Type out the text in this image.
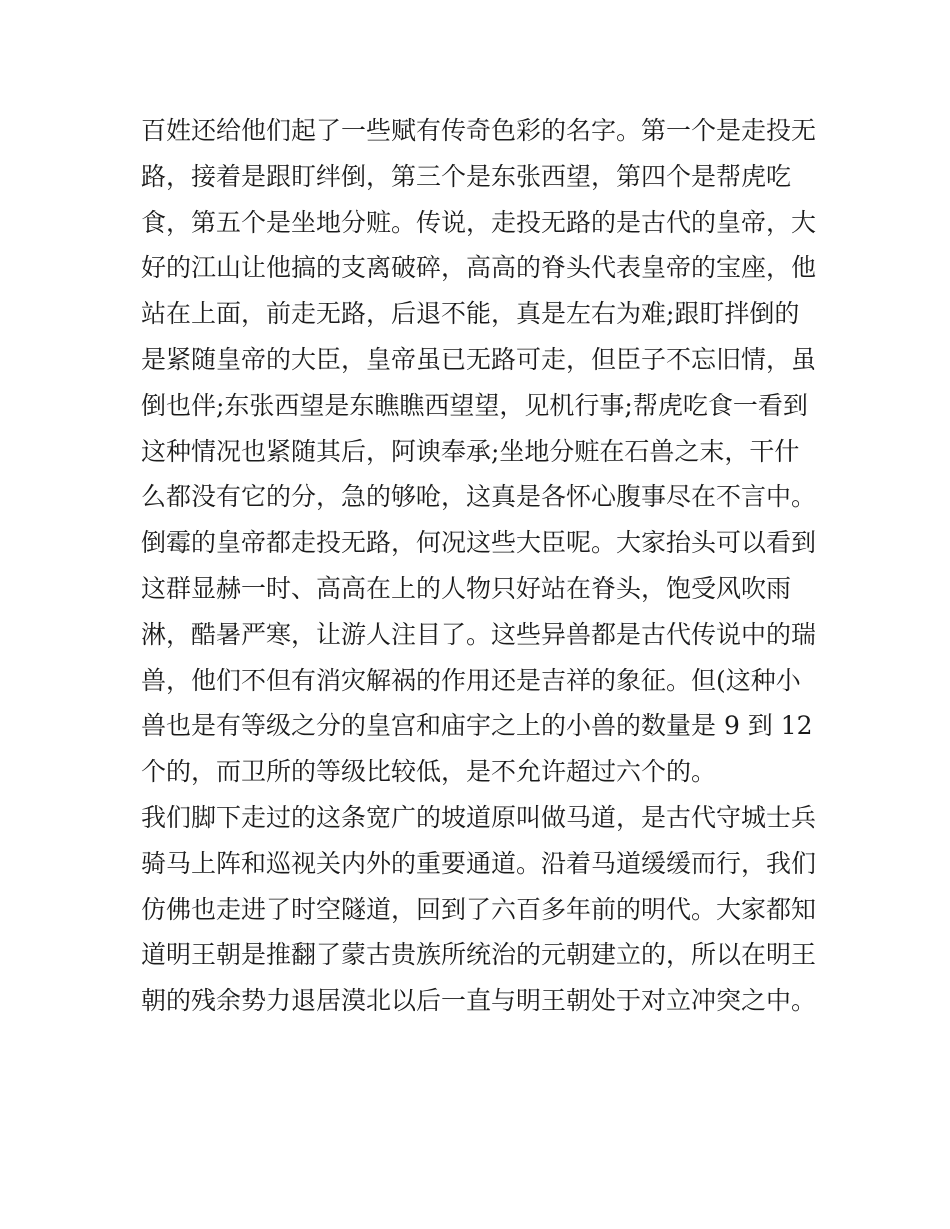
百姓还给他们起了一些赋有传奇色彩的名字。第一个是走投无
路，接着是跟盯绊倒，第三个是东张西望，第四个是帮虎吃
食，第五个是坐地分赃。传说，走投无路的是古代的皇帝，大
好的江山让他搞的支离破碎，高高的脊头代表皇帝的宝座，他
站在上面，前走无路，后退不能，真是左右为难;跟盯拌倒的
是紧随皇帝的大臣，皇帝虽已无路可走，但臣子不忘旧情，虽
倒也伴;东张西望是东瞧瞧西望望，见机行事;帮虎吃食一看到
这种情况也紧随其后，阿谀奉承;坐地分赃在石兽之末，干什
么都没有它的分，急的够呛，这真是各怀心腹事尽在不言中。
倒霉的皇帝都走投无路，何况这些大臣呢。大家抬头可以看到
这群显赫一时、高高在上的人物只好站在脊头，饱受风吹雨
淋，酷暑严寒，让游人注目了。这些异兽都是古代传说中的瑞
兽，他们不但有消灾解祸的作用还是吉祥的象征。但(这种小
兽也是有等级之分的皇宫和庙宇之上的小兽的数量是 9 到 12
个的，而卫所的等级比较低，是不允许超过六个的。
我们脚下走过的这条宽广的坡道原叫做马道，是古代守城士兵
骑马上阵和巡视关内外的重要通道。沿着马道缓缓而行，我们
仿佛也走进了时空隧道，回到了六百多年前的明代。大家都知
道明王朝是推翻了蒙古贵族所统治的元朝建立的，所以在明王
朝的残余势力退居漠北以后一直与明王朝处于对立冲突之中。
